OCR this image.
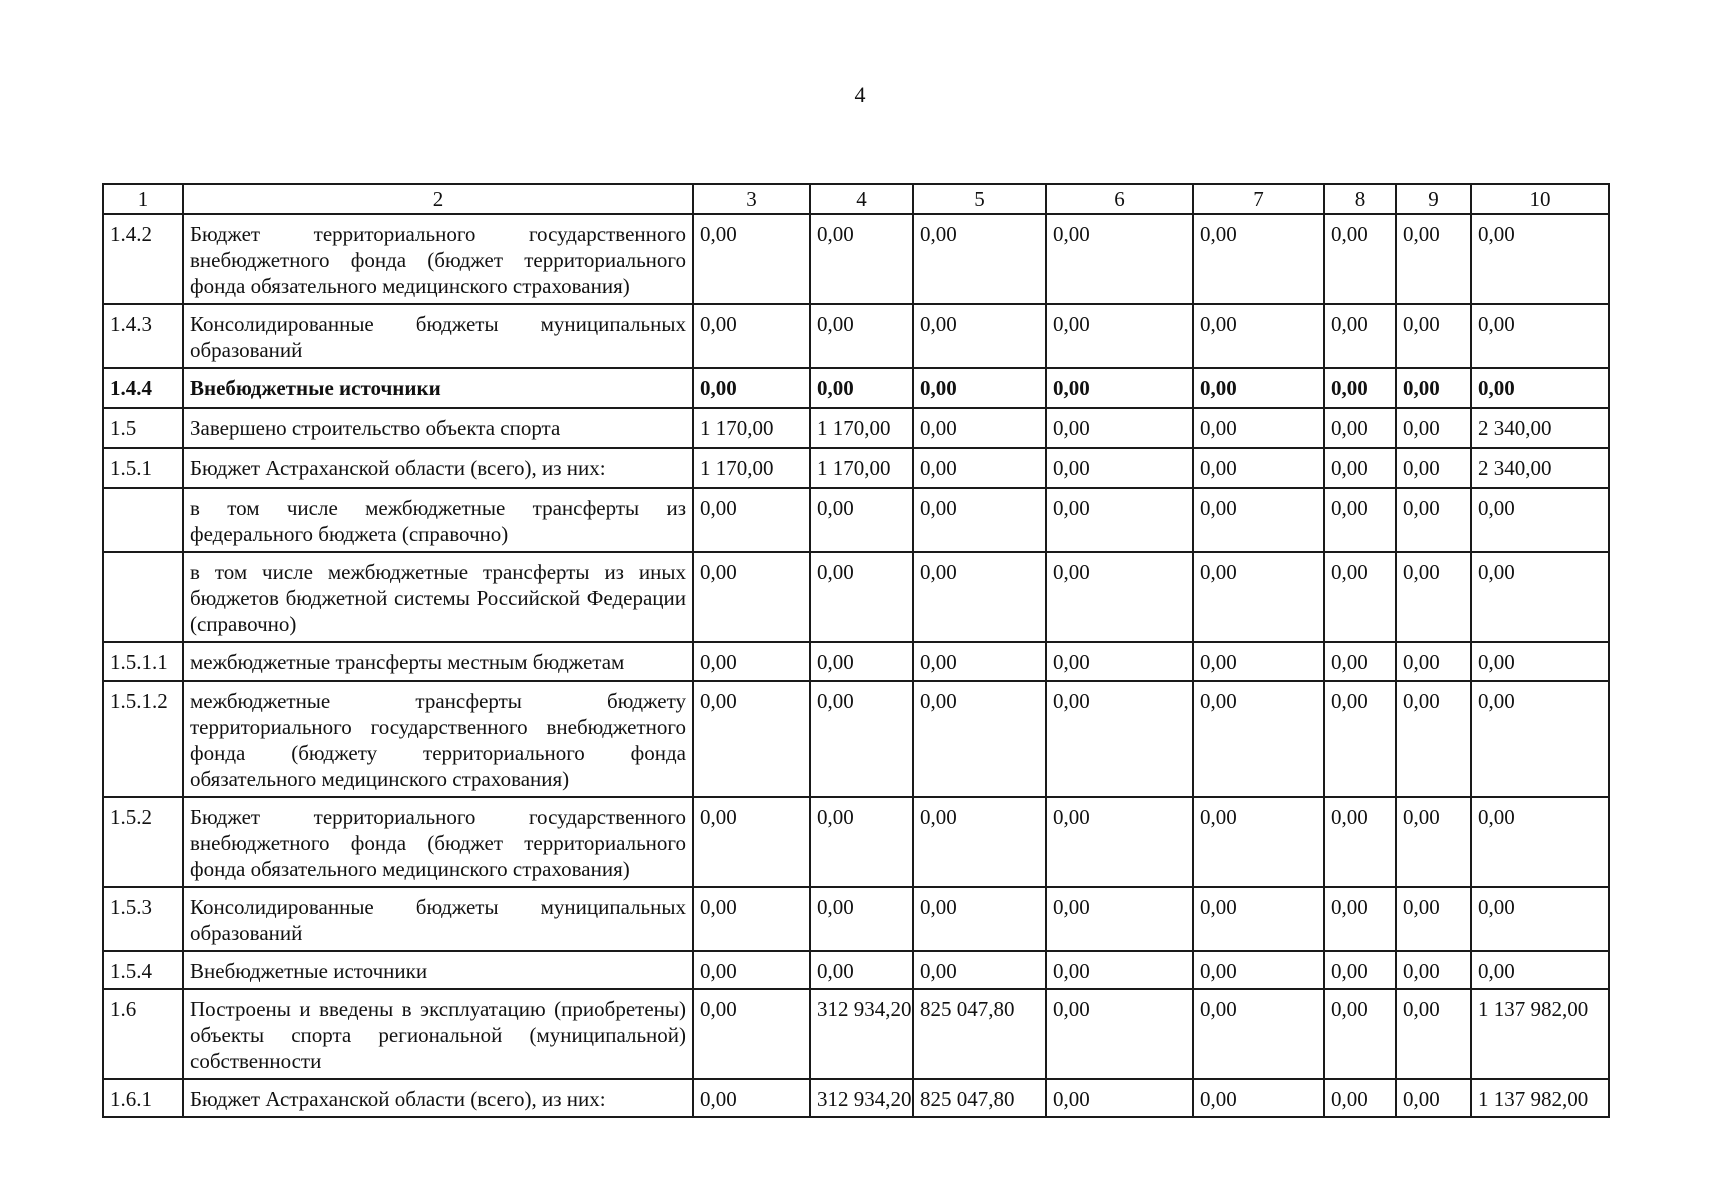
4
1	2	3	4	5	6	7	8	9	10
1.4.2	Бюджет территориального государственного внебюджетного фонда (бюджет территориального фонда обязательного медицинского страхования)	0,00	0,00	0,00	0,00	0,00	0,00	0,00	0,00
1.4.3	Консолидированные бюджеты муниципальных образований	0,00	0,00	0,00	0,00	0,00	0,00	0,00	0,00
1.4.4	Внебюджетные источники	0,00	0,00	0,00	0,00	0,00	0,00	0,00	0,00
1.5	Завершено строительство объекта спорта	1 170,00	1 170,00	0,00	0,00	0,00	0,00	0,00	2 340,00
1.5.1	Бюджет Астраханской области (всего), из них:	1 170,00	1 170,00	0,00	0,00	0,00	0,00	0,00	2 340,00
	в том числе межбюджетные трансферты из федерального бюджета (справочно)	0,00	0,00	0,00	0,00	0,00	0,00	0,00	0,00
	в том числе межбюджетные трансферты из иных бюджетов бюджетной системы Российской Федерации (справочно)	0,00	0,00	0,00	0,00	0,00	0,00	0,00	0,00
1.5.1.1	межбюджетные трансферты местным бюджетам	0,00	0,00	0,00	0,00	0,00	0,00	0,00	0,00
1.5.1.2	межбюджетные трансферты бюджету территориального государственного внебюджетного фонда (бюджету территориального фонда обязательного медицинского страхования)	0,00	0,00	0,00	0,00	0,00	0,00	0,00	0,00
1.5.2	Бюджет территориального государственного внебюджетного фонда (бюджет территориального фонда обязательного медицинского страхования)	0,00	0,00	0,00	0,00	0,00	0,00	0,00	0,00
1.5.3	Консолидированные бюджеты муниципальных образований	0,00	0,00	0,00	0,00	0,00	0,00	0,00	0,00
1.5.4	Внебюджетные источники	0,00	0,00	0,00	0,00	0,00	0,00	0,00	0,00
1.6	Построены и введены в эксплуатацию (приобретены) объекты спорта региональной (муниципальной) собственности	0,00	312 934,20	825 047,80	0,00	0,00	0,00	0,00	1 137 982,00
1.6.1	Бюджет Астраханской области (всего), из них:	0,00	312 934,20	825 047,80	0,00	0,00	0,00	0,00	1 137 982,00
